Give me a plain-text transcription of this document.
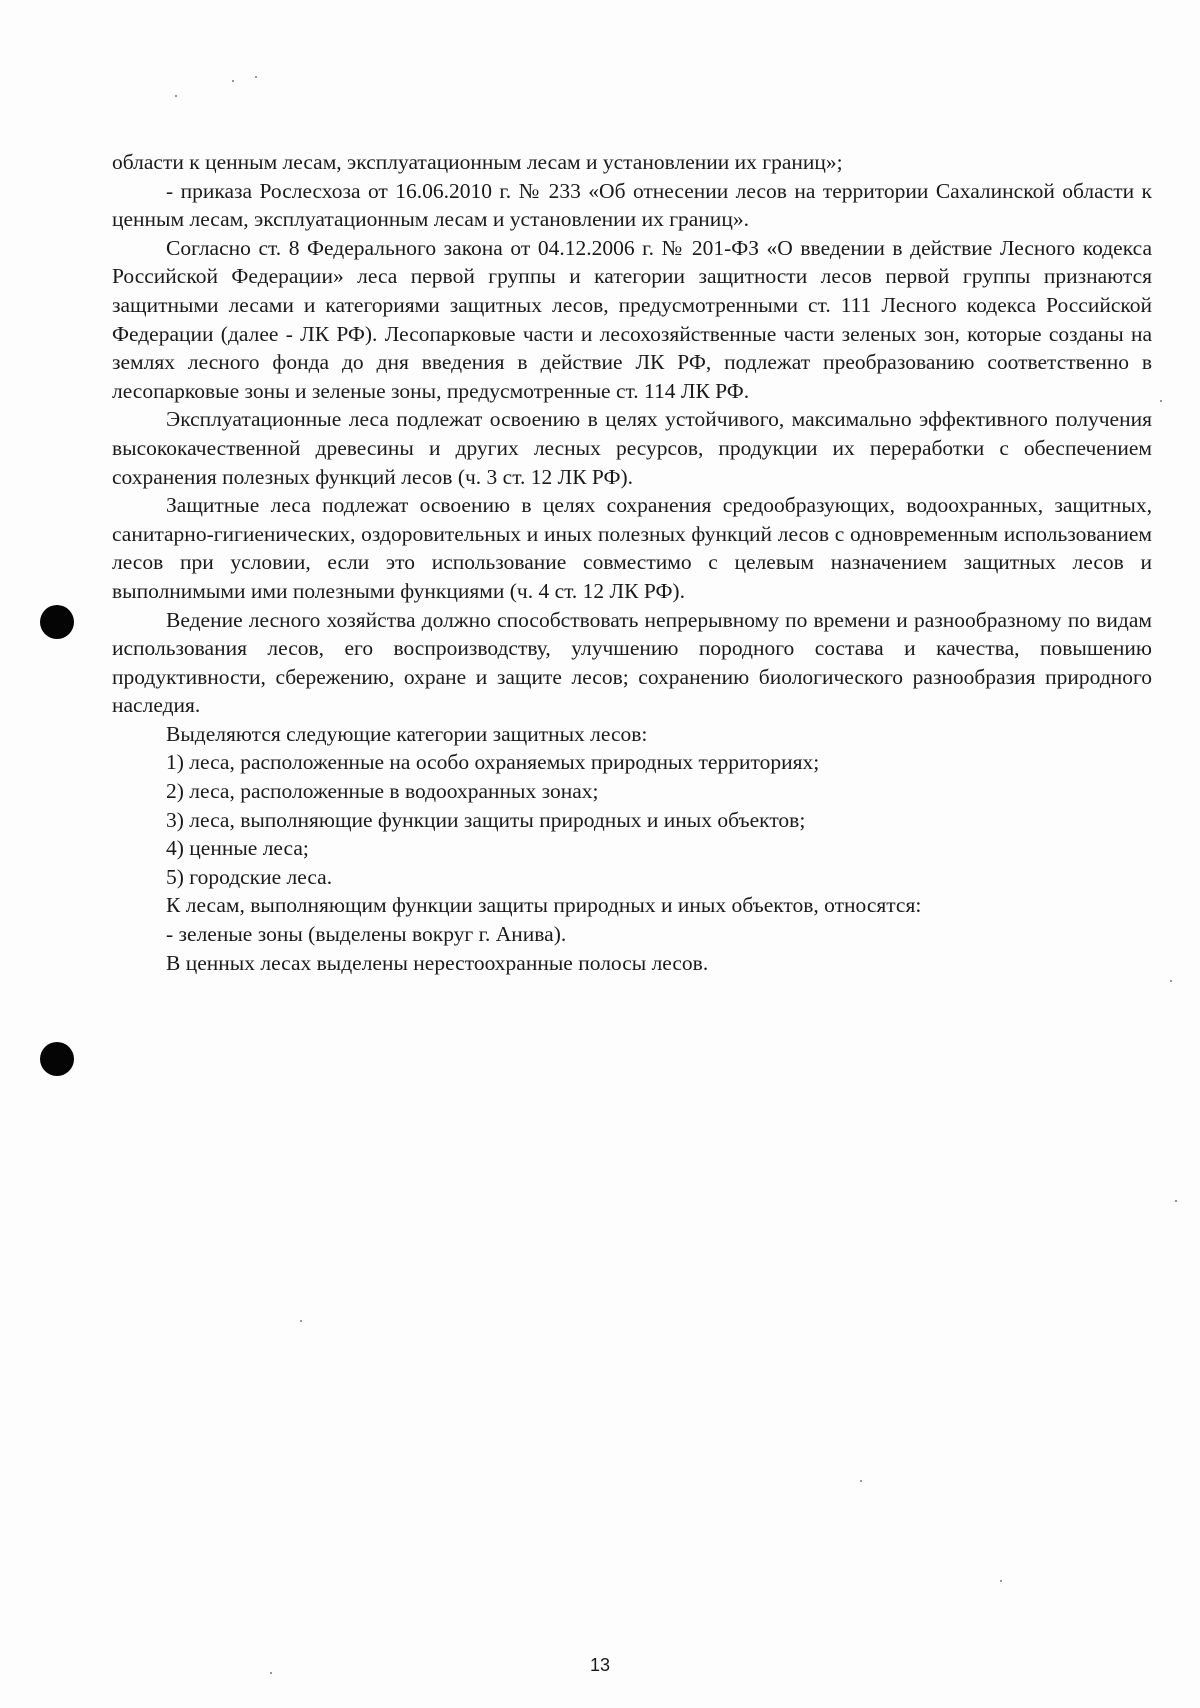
области к ценным лесам, эксплуатационным лесам и установлении их границ»;

- приказа Рослесхоза от 16.06.2010 г. № 233 «Об отнесении лесов на территории Сахалинской области к ценным лесам, эксплуатационным лесам и установлении их границ».

Согласно ст. 8 Федерального закона от 04.12.2006 г. № 201-ФЗ «О введении в действие Лесного кодекса Российской Федерации» леса первой группы и категории защитности лесов первой группы признаются защитными лесами и категориями защитных лесов, предусмотренными ст. 111 Лесного кодекса Российской Федерации (далее - ЛК РФ). Лесопарковые части и лесохозяйственные части зеленых зон, которые созданы на землях лесного фонда до дня введения в действие ЛК РФ, подлежат преобразованию соответственно в лесопарковые зоны и зеленые зоны, предусмотренные ст. 114 ЛК РФ.

Эксплуатационные леса подлежат освоению в целях устойчивого, максимально эффективного получения высококачественной древесины и других лесных ресурсов, продукции их переработки с обеспечением сохранения полезных функций лесов (ч. 3 ст. 12 ЛК РФ).

Защитные леса подлежат освоению в целях сохранения средообразующих, водоохранных, защитных, санитарно-гигиенических, оздоровительных и иных полезных функций лесов с одновременным использованием лесов при условии, если это использование совместимо с целевым назначением защитных лесов и выполнимыми ими полезными функциями (ч. 4 ст. 12 ЛК РФ).

Ведение лесного хозяйства должно способствовать непрерывному по времени и разнообразному по видам использования лесов, его воспроизводству, улучшению породного состава и качества, повышению продуктивности, сбережению, охране и защите лесов; сохранению биологического разнообразия природного наследия.

Выделяются следующие категории защитных лесов:

1) леса, расположенные на особо охраняемых природных территориях;

2) леса, расположенные в водоохранных зонах;

3) леса, выполняющие функции защиты природных и иных объектов;

4) ценные леса;

5) городские леса.

К лесам, выполняющим функции защиты природных и иных объектов, относятся:

- зеленые зоны (выделены вокруг г. Анива).

В ценных лесах выделены нерестоохранные полосы лесов.

13
